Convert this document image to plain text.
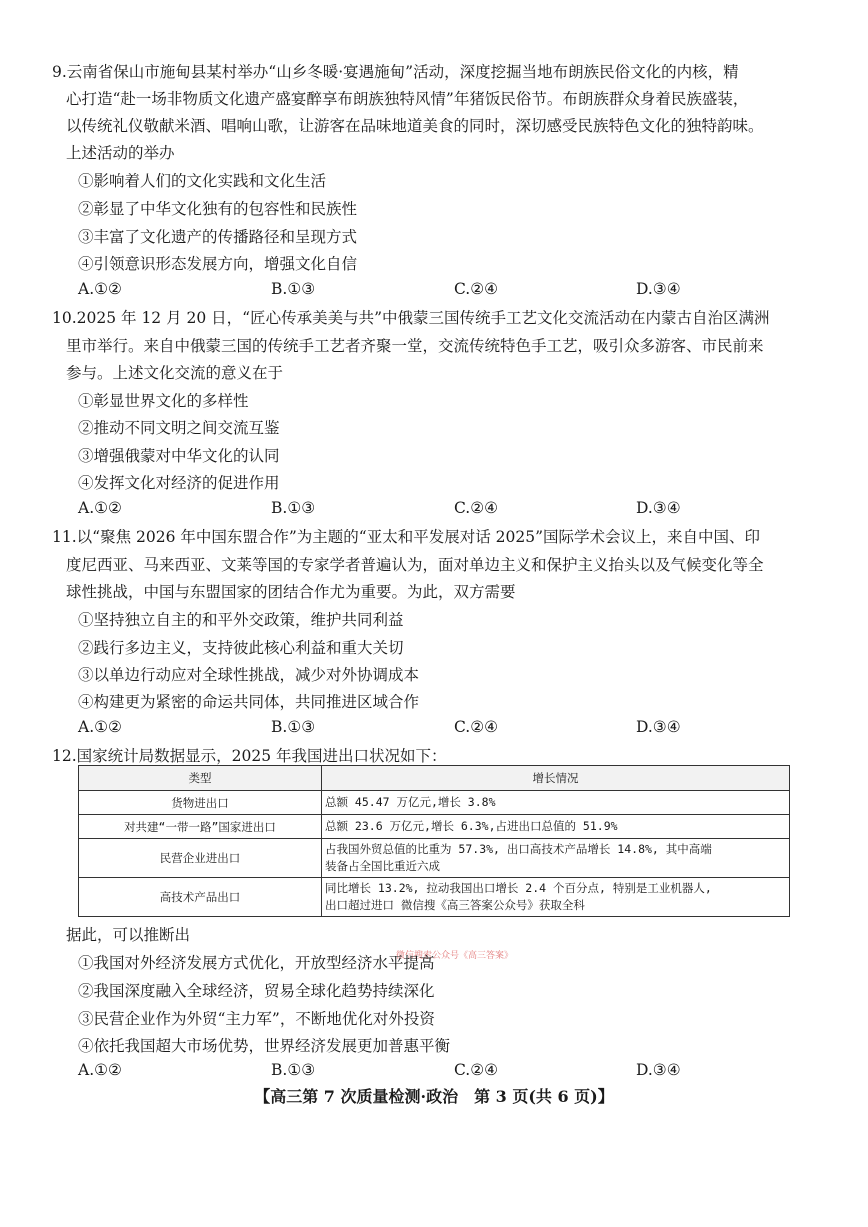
9.云南省保山市施甸县某村举办“山乡冬暖·宴遇施甸”活动，深度挖掘当地布朗族民俗文化的内核，精
心打造“赴一场非物质文化遗产盛宴醉享布朗族独特风情”年猪饭民俗节。布朗族群众身着民族盛装，
以传统礼仪敬献米酒、唱响山歌，让游客在品味地道美食的同时，深切感受民族特色文化的独特韵味。
上述活动的举办
①影响着人们的文化实践和文化生活
②彰显了中华文化独有的包容性和民族性
③丰富了文化遗产的传播路径和呈现方式
④引领意识形态发展方向，增强文化自信
A.①②	B.①③	C.②④	D.③④
10.2025 年 12 月 20 日，“匠心传承美美与共”中俄蒙三国传统手工艺文化交流活动在内蒙古自治区满洲
里市举行。来自中俄蒙三国的传统手工艺者齐聚一堂，交流传统特色手工艺，吸引众多游客、市民前来
参与。上述文化交流的意义在于
①彰显世界文化的多样性
②推动不同文明之间交流互鉴
③增强俄蒙对中华文化的认同
④发挥文化对经济的促进作用
A.①②	B.①③	C.②④	D.③④
11.以“聚焦 2026 年中国东盟合作”为主题的“亚太和平发展对话 2025”国际学术会议上，来自中国、印
度尼西亚、马来西亚、文莱等国的专家学者普遍认为，面对单边主义和保护主义抬头以及气候变化等全
球性挑战，中国与东盟国家的团结合作尤为重要。为此，双方需要
①坚持独立自主的和平外交政策，维护共同利益
②践行多边主义，支持彼此核心利益和重大关切
③以单边行动应对全球性挑战，减少对外协调成本
④构建更为紧密的命运共同体，共同推进区域合作
A.①②	B.①③	C.②④	D.③④
12.国家统计局数据显示，2025 年我国进出口状况如下：
类型	增长情况
货物进出口	总额 45.47 万亿元,增长 3.8%

对共建“一带一路”国家进出口	总额 23.6 万亿元,增长 6.3%,占进出口总值的 51.9%

民营企业进出口	占我国外贸总值的比重为 57.3%, 出口高技术产品增长 14.8%, 其中高端
装备占全国比重近六成

高技术产品出口	同比增长 13.2%, 拉动我国出口增长 2.4 个百分点, 特别是工业机器人,
出口超过进口 微信搜《高三答案公众号》获取全科
据此，可以推断出
微信搜索公众号《高三答案》
①我国对外经济发展方式优化，开放型经济水平提高
②我国深度融入全球经济，贸易全球化趋势持续深化
③民营企业作为外贸“主力军”，不断地优化对外投资
④依托我国超大市场优势，世界经济发展更加普惠平衡
A.①②	B.①③	C.②④	D.③④
【高三第 7 次质量检测·政治　第 3 页(共 6 页)】
